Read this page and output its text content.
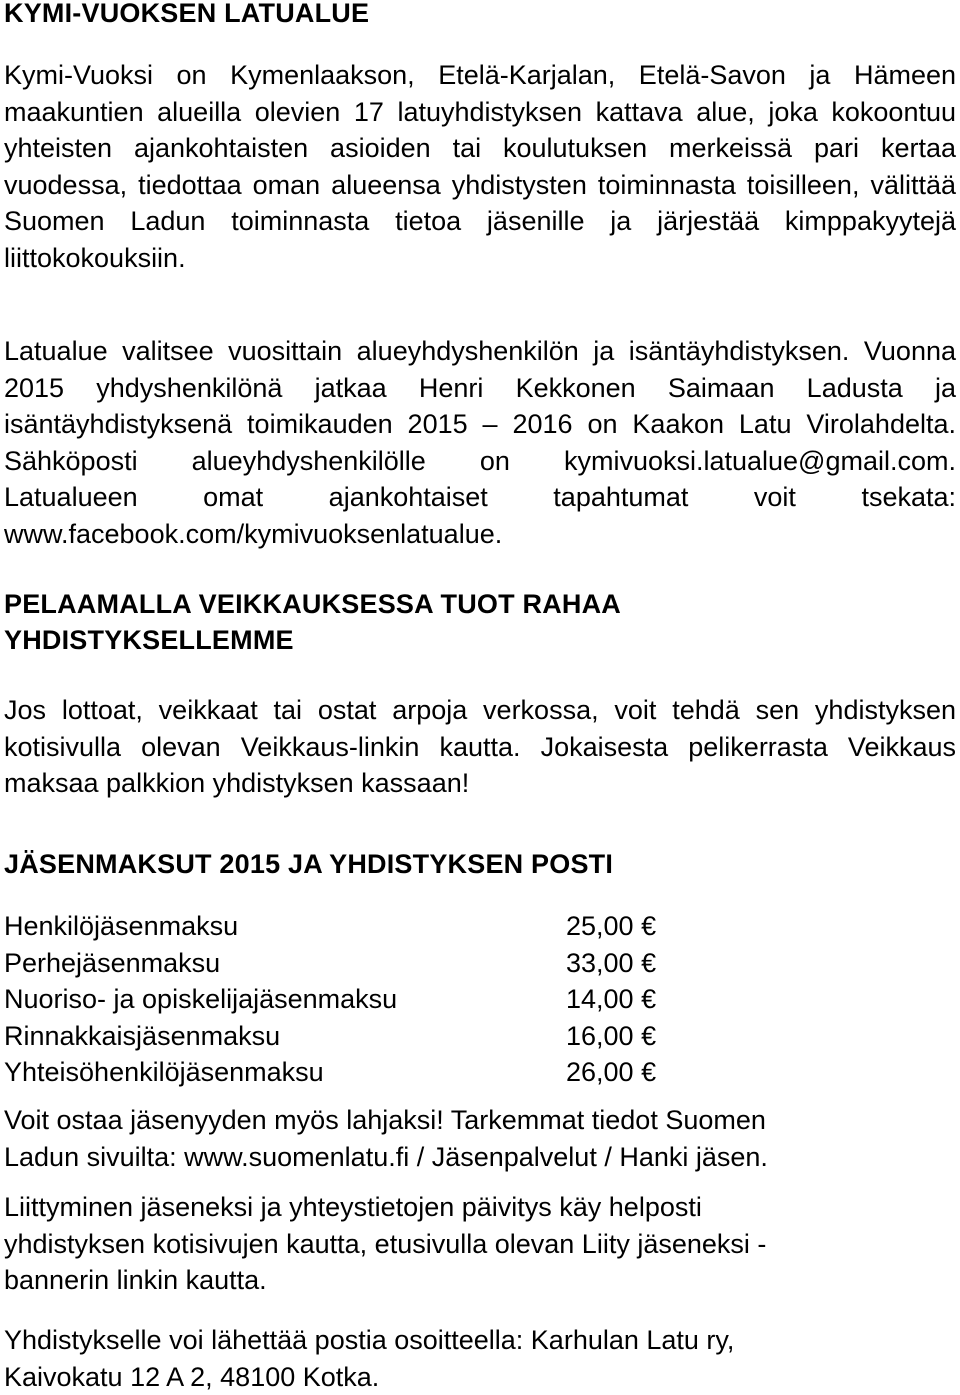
KYMI-VUOKSEN LATUALUE

Kymi-Vuoksi on Kymenlaakson, Etelä-Karjalan, Etelä-Savon ja Hämeen maakuntien alueilla olevien 17 latuyhdistyksen kattava alue, joka kokoontuu yhteisten ajankohtaisten asioiden tai koulutuksen merkeissä pari kertaa vuodessa, tiedottaa oman alueensa yhdistysten toiminnasta toisilleen, välittää Suomen Ladun toiminnasta tietoa jäsenille ja järjestää kimppakyytejä liittokokouksiin.

Latualue valitsee vuosittain alueyhdyshenkilön ja isäntäyhdistyksen. Vuonna 2015 yhdyshenkilönä jatkaa Henri Kekkonen Saimaan Ladusta ja isäntäyhdistyksenä toimikauden 2015 – 2016 on Kaakon Latu Virolahdelta. Sähköposti alueyhdyshenkilölle on kymivuoksi.latualue@gmail.com. Latualueen omat ajankohtaiset tapahtumat voit tsekata: www.facebook.com/kymivuoksenlatualue.

PELAAMALLA VEIKKAUKSESSA TUOT RAHAA
YHDISTYKSELLEMME

Jos lottoat, veikkaat tai ostat arpoja verkossa, voit tehdä sen yhdistyksen kotisivulla olevan Veikkaus-linkin kautta. Jokaisesta pelikerrasta Veikkaus maksaa palkkion yhdistyksen kassaan!

JÄSENMAKSUT 2015 JA YHDISTYKSEN POSTI
Henkilöjäsenmaksu	25,00 €
Perhejäsenmaksu	33,00 €
Nuoriso- ja opiskelijajäsenmaksu	14,00 €
Rinnakkaisjäsenmaksu	16,00 €
Yhteisöhenkilöjäsenmaksu	26,00 €
Voit ostaa jäsenyyden myös lahjaksi! Tarkemmat tiedot Suomen
Ladun sivuilta: www.suomenlatu.fi / Jäsenpalvelut / Hanki jäsen.
Liittyminen jäseneksi ja yhteystietojen päivitys käy helposti
yhdistyksen kotisivujen kautta, etusivulla olevan Liity jäseneksi -
bannerin linkin kautta.
Yhdistykselle voi lähettää postia osoitteella: Karhulan Latu ry,
Kaivokatu 12 A 2, 48100 Kotka.
